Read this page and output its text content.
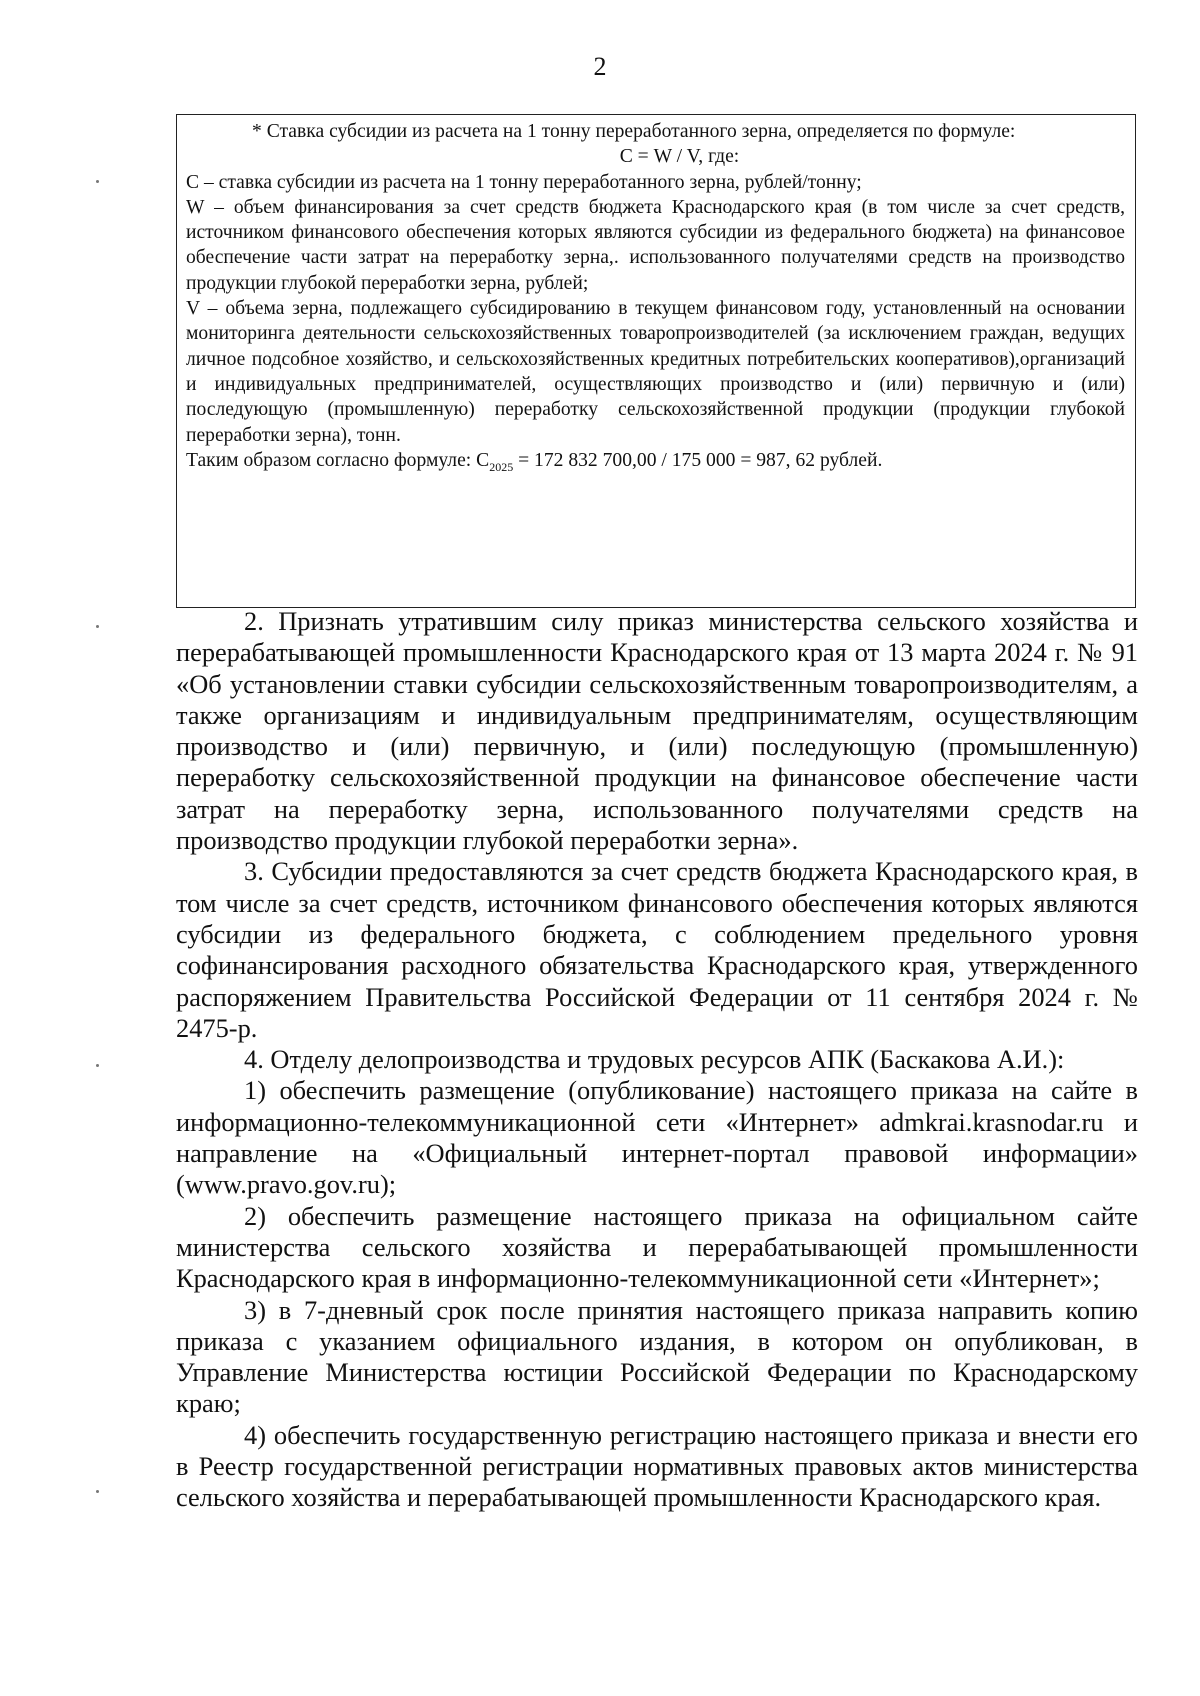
2

* Ставка субсидии из расчета на 1 тонну переработанного зерна, определяется по формуле:

С = W / V, где:

С – ставка субсидии из расчета на 1 тонну переработанного зерна, рублей/тонну;

W – объем финансирования за счет средств бюджета Краснодарского края (в том числе за счет средств, источником финансового обеспечения которых являются субсидии из федерального бюджета) на финансовое обеспечение части затрат на переработку зерна,. использованного получателями средств на производство продукции глубокой переработки зерна, рублей;

V – объема зерна, подлежащего субсидированию в текущем финансовом году, установленный на основании мониторинга деятельности сельскохозяйственных товаропроизводителей (за исключением граждан, ведущих личное подсобное хозяйство, и сельскохозяйственных кредитных потребительских кооперативов),организаций и индивидуальных предпринимателей, осуществляющих производство и (или) первичную и (или) последующую (промышленную) переработку сельскохозяйственной продукции (продукции глубокой переработки зерна), тонн.

Таким образом согласно формуле: $С_{2025} = 172$ 832 700,00 / 175 000 = 987, 62 рублей.

2. Признать утратившим силу приказ министерства сельского хозяйства и перерабатывающей промышленности Краснодарского края от 13 марта 2024 г. № 91 «Об установлении ставки субсидии сельскохозяйственным товаропроизводителям, а также организациям и индивидуальным предпринимателям, осуществляющим производство и (или) первичную, и (или) последующую (промышленную) переработку сельскохозяйственной продукции на финансовое обеспечение части затрат на переработку зерна, использованного получателями средств на производство продукции глубокой переработки зерна».

3. Субсидии предоставляются за счет средств бюджета Краснодарского края, в том числе за счет средств, источником финансового обеспечения которых являются субсидии из федерального бюджета, с соблюдением предельного уровня софинансирования расходного обязательства Краснодарского края, утвержденного распоряжением Правительства Российской Федерации от 11 сентября 2024 г. № 2475-р.

4. Отделу делопроизводства и трудовых ресурсов АПК (Баскакова А.И.):

1) обеспечить размещение (опубликование) настоящего приказа на сайте в информационно-телекоммуникационной сети «Интернет» admkrai.krasnodar.ru и направление на «Официальный интернет-портал правовой информации» (www.pravo.gov.ru);

2) обеспечить размещение настоящего приказа на официальном сайте министерства сельского хозяйства и перерабатывающей промышленности Краснодарского края в информационно-телекоммуникационной сети «Интернет»;

3) в 7-дневный срок после принятия настоящего приказа направить копию приказа с указанием официального издания, в котором он опубликован, в Управление Министерства юстиции Российской Федерации по Краснодарскому краю;

4) обеспечить государственную регистрацию настоящего приказа и внести его в Реестр государственной регистрации нормативных правовых актов министерства сельского хозяйства и перерабатывающей промышленности Краснодарского края.
